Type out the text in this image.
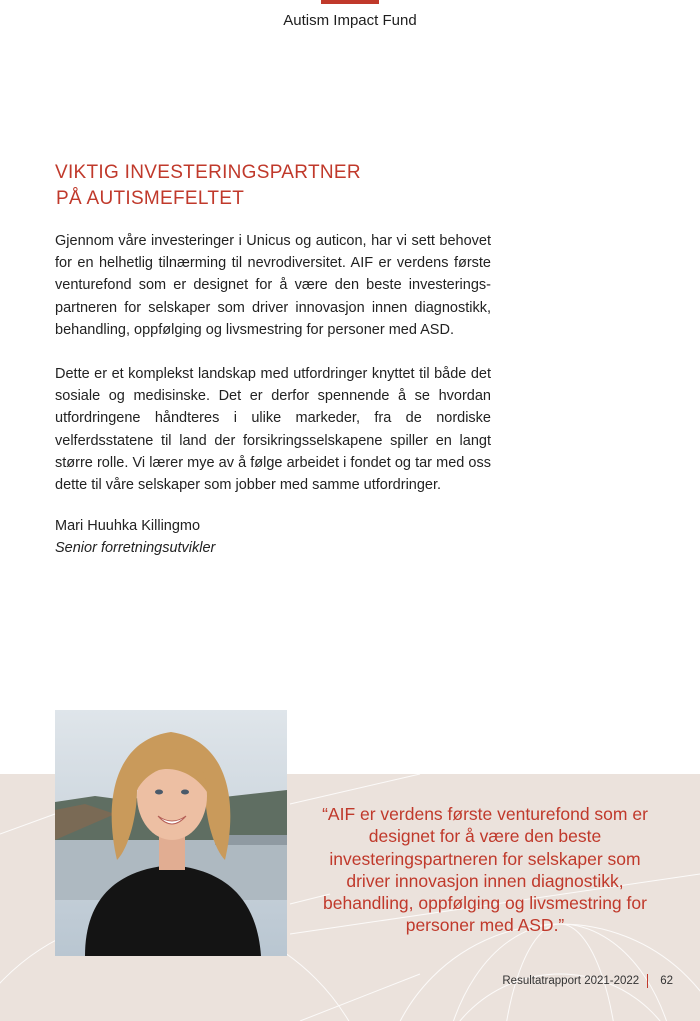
Autism Impact Fund
VIKTIG INVESTERINGSPARTNER
PÅ AUTISMEFELTET

Gjennom våre investeringer i Unicus og auticon, har vi sett behovet for en helhetlig tilnærming til nevrodiversitet. AIF er verdens første venturefond som er designet for å være den beste investerings-partneren for selskaper som driver innovasjon innen diagnostikk, behandling, oppfølging og livsmestring for personer med ASD.

Dette er et komplekst landskap med utfordringer knyttet til både det sosiale og medisinske. Det er derfor spennende å se hvordan utfordringene håndteres i ulike markeder, fra de nordiske velferdsstatene til land der forsikringsselskapene spiller en langt større rolle. Vi lærer mye av å følge arbeidet i fondet og tar med oss dette til våre selskaper som jobber med samme utfordringer.

Mari Huuhka Killingmo
Senior forretningsutvikler

“AIF er verdens første venturefond som er designet for å være den beste investeringspartneren for selskaper som driver innovasjon innen diagnostikk, behandling, oppfølging og livsmestring for personer med ASD.”

Resultatrapport 2021-2022 62
